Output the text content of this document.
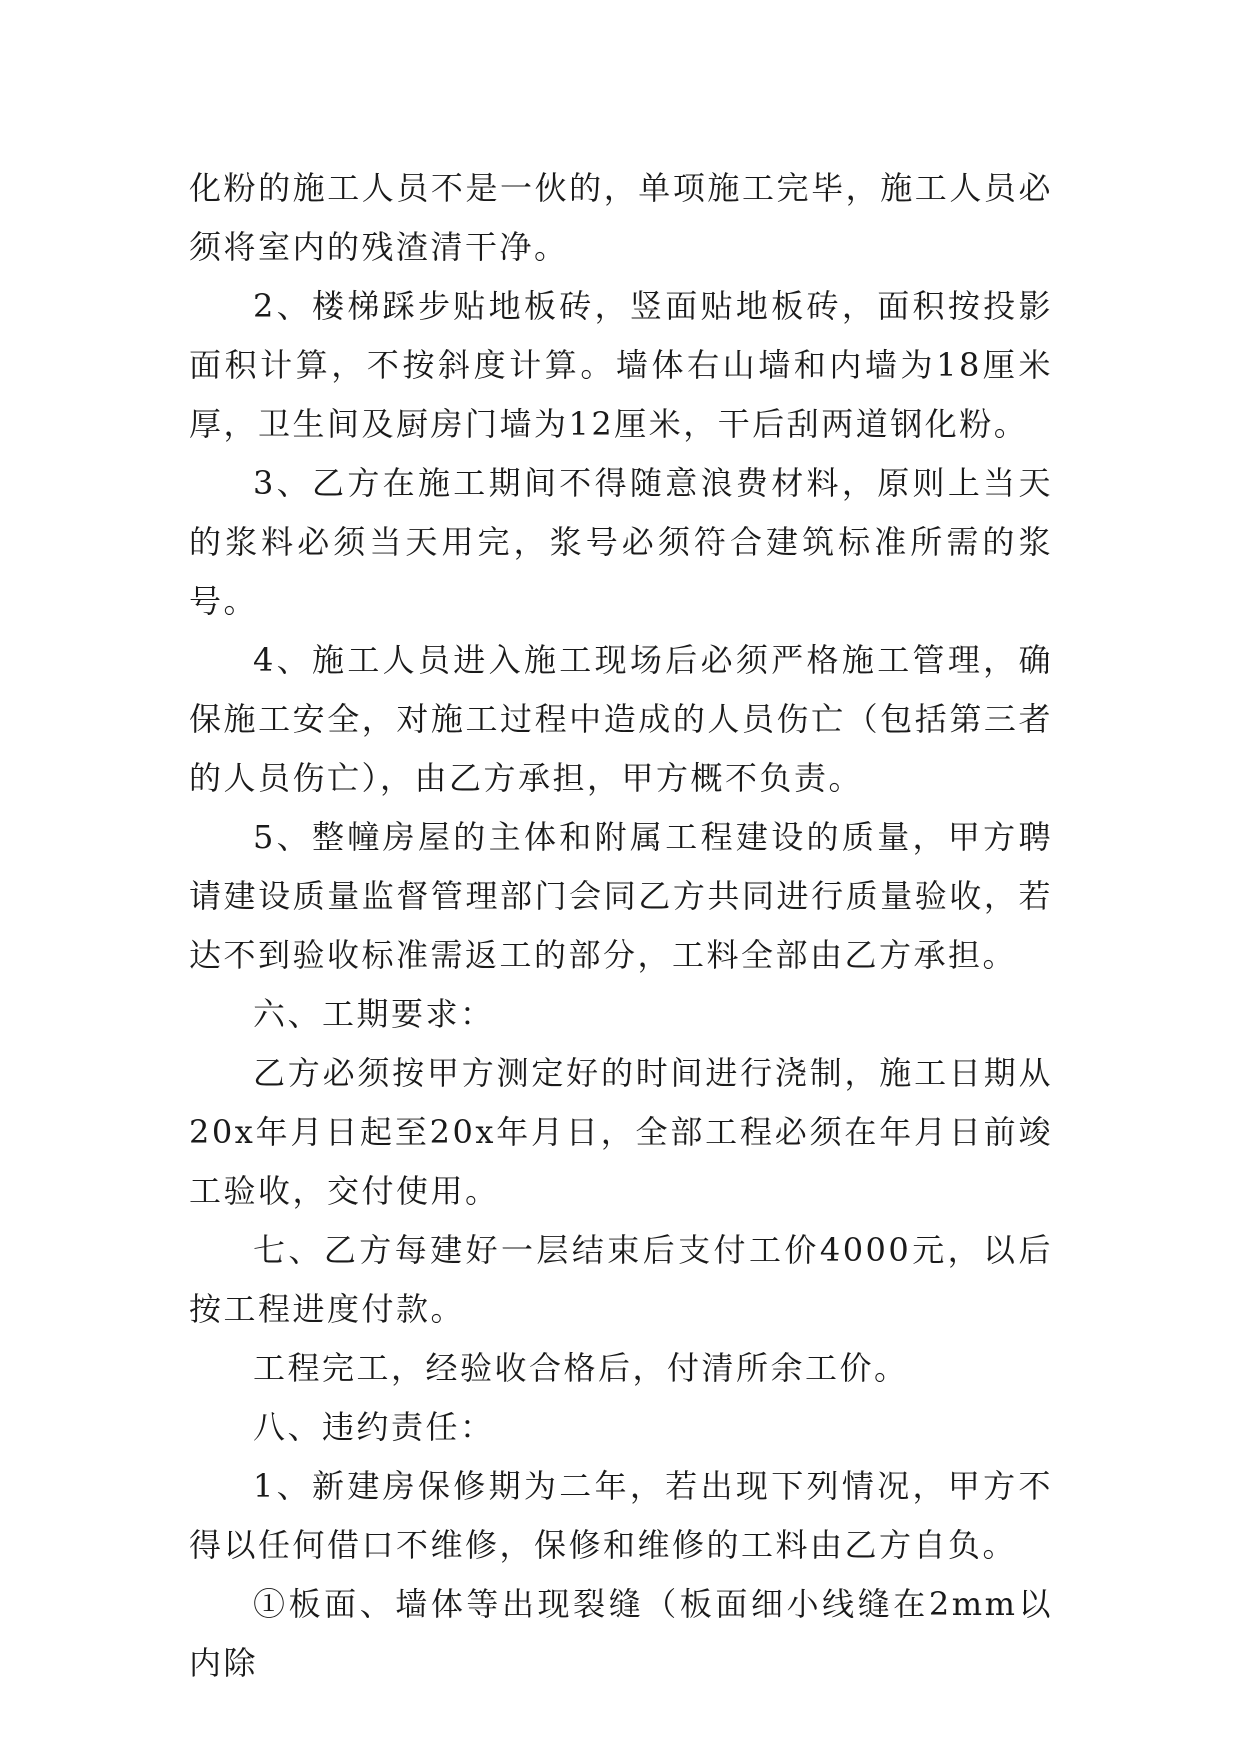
化粉的施工人员不是一伙的，单项施工完毕，施工人员必须将室内的残渣清干净。

2、楼梯踩步贴地板砖，竖面贴地板砖，面积按投影面积计算，不按斜度计算。墙体右山墙和内墙为18厘米厚，卫生间及厨房门墙为12厘米，干后刮两道钢化粉。

3、乙方在施工期间不得随意浪费材料，原则上当天的浆料必须当天用完，浆号必须符合建筑标准所需的浆号。

4、施工人员进入施工现场后必须严格施工管理，确保施工安全，对施工过程中造成的人员伤亡（包括第三者的人员伤亡），由乙方承担，甲方概不负责。

5、整幢房屋的主体和附属工程建设的质量，甲方聘请建设质量监督管理部门会同乙方共同进行质量验收，若达不到验收标准需返工的部分，工料全部由乙方承担。

六、工期要求：

乙方必须按甲方测定好的时间进行浇制，施工日期从20x年月日起至20x年月日，全部工程必须在年月日前竣工验收，交付使用。

七、乙方每建好一层结束后支付工价4000元，以后按工程进度付款。

工程完工，经验收合格后，付清所余工价。

八、违约责任：

1、新建房保修期为二年，若出现下列情况，甲方不得以任何借口不维修，保修和维修的工料由乙方自负。

①板面、墙体等出现裂缝（板面细小线缝在2mm以内除
